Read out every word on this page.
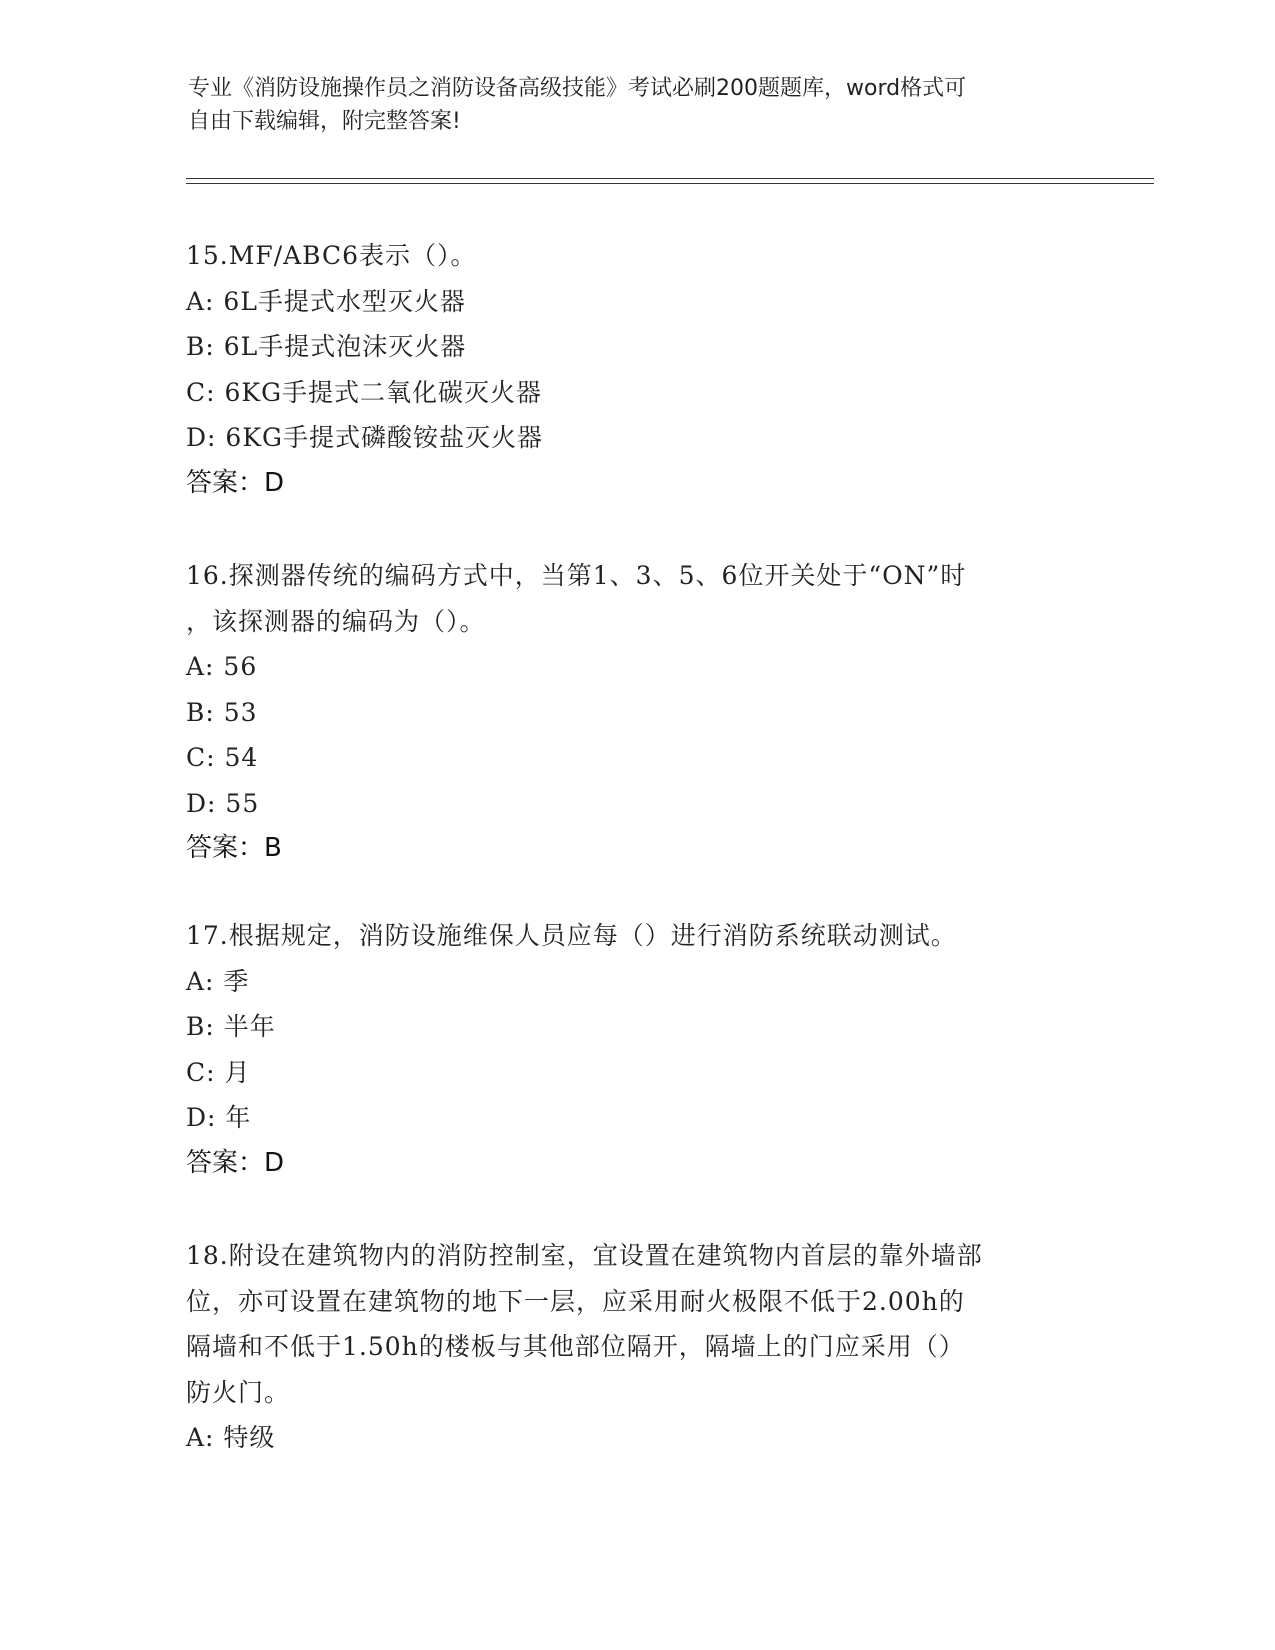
专业《消防设施操作员之消防设备高级技能》考试必刷200题题库，word格式可
自由下载编辑，附完整答案!
15.MF/ABC6表示（）。
A: 6L手提式水型灭火器
B: 6L手提式泡沫灭火器
C: 6KG手提式二氧化碳灭火器
D: 6KG手提式磷酸铵盐灭火器
答案：D
16.探测器传统的编码方式中，当第1、3、5、6位开关处于“ON”时
，该探测器的编码为（）。
A: 56
B: 53
C: 54
D: 55
答案：B
17.根据规定，消防设施维保人员应每（）进行消防系统联动测试。
A: 季
B: 半年
C: 月
D: 年
答案：D
18.附设在建筑物内的消防控制室，宜设置在建筑物内首层的靠外墙部
位，亦可设置在建筑物的地下一层，应采用耐火极限不低于2.00h的
隔墙和不低于1.50h的楼板与其他部位隔开，隔墙上的门应采用（）
防火门。
A: 特级
